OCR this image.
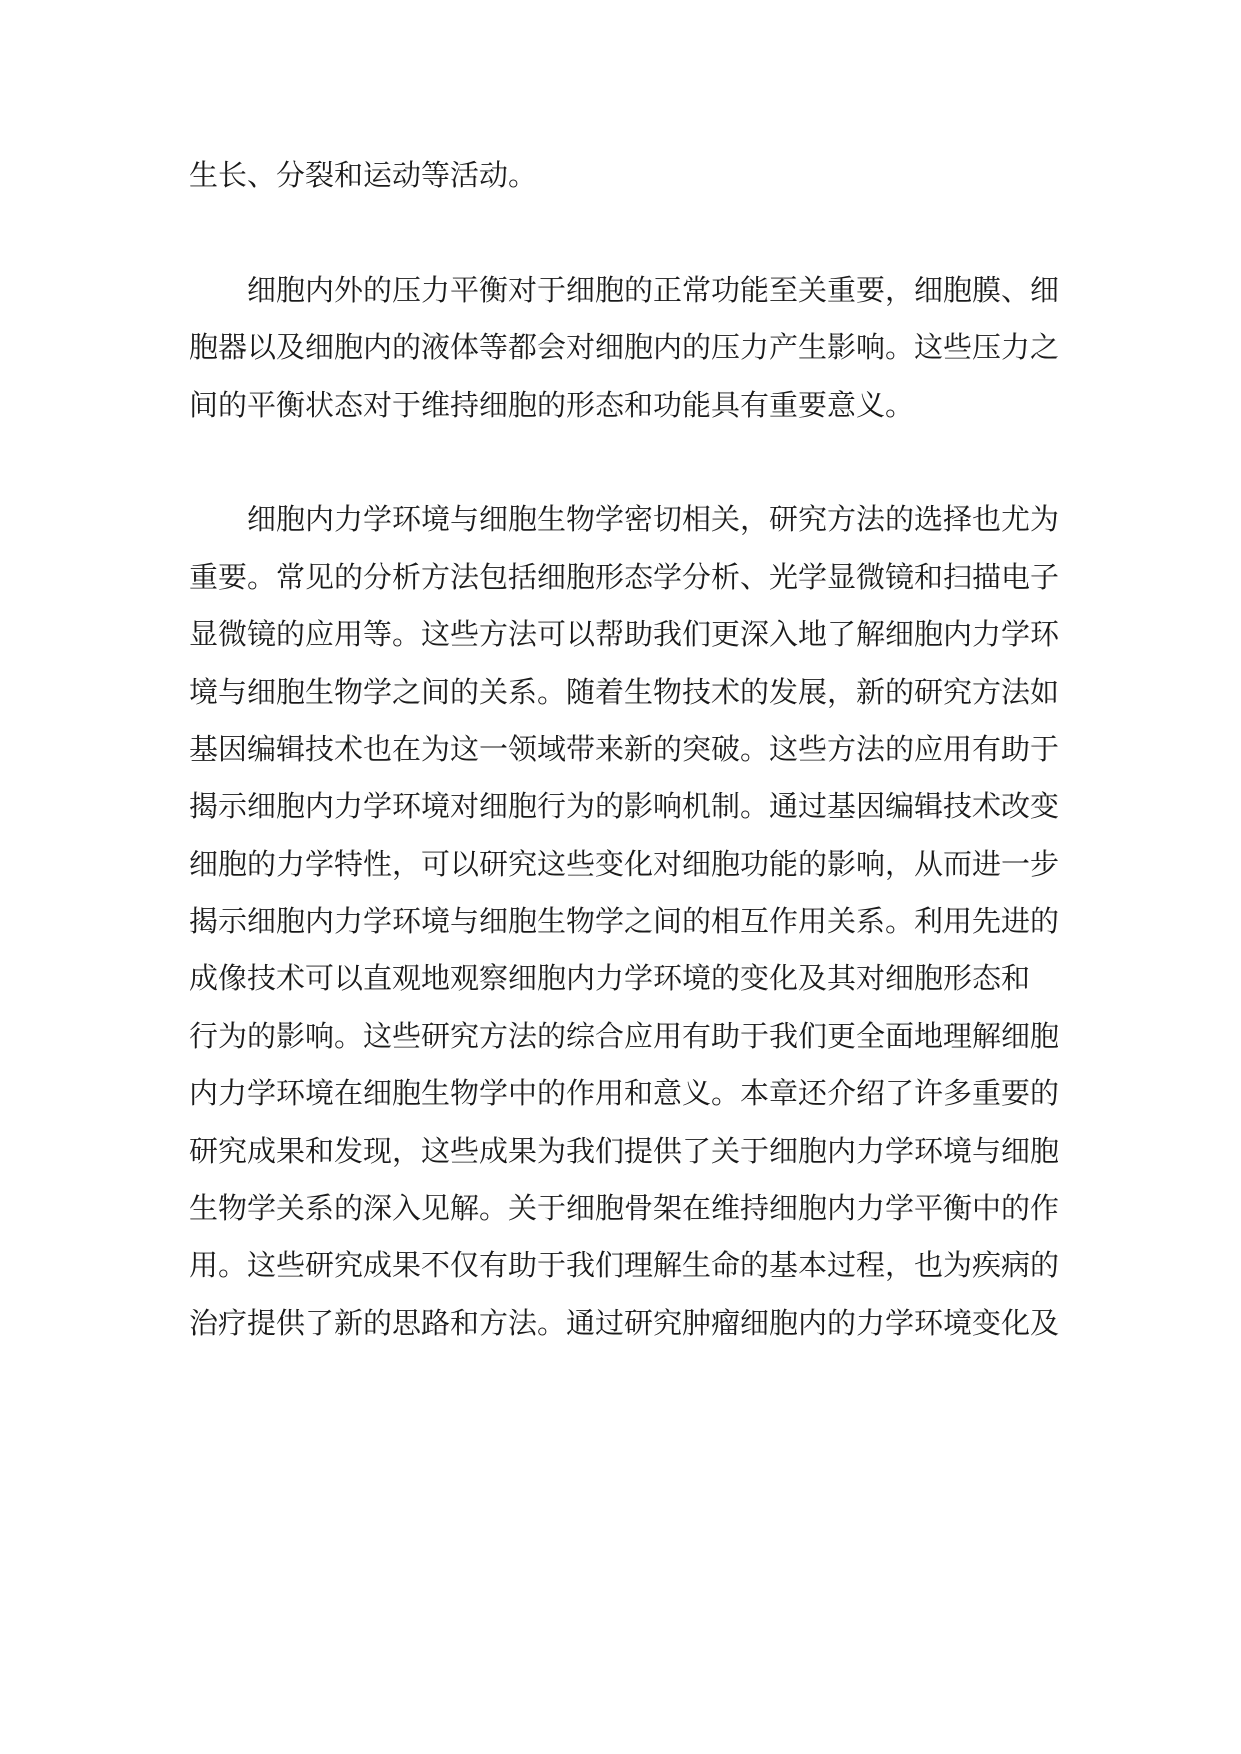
生长、分裂和运动等活动。
细胞内外的压力平衡对于细胞的正常功能至关重要，细胞膜、细
胞器以及细胞内的液体等都会对细胞内的压力产生影响。这些压力之
间的平衡状态对于维持细胞的形态和功能具有重要意义。
细胞内力学环境与细胞生物学密切相关，研究方法的选择也尤为
重要。常见的分析方法包括细胞形态学分析、光学显微镜和扫描电子
显微镜的应用等。这些方法可以帮助我们更深入地了解细胞内力学环
境与细胞生物学之间的关系。随着生物技术的发展，新的研究方法如
基因编辑技术也在为这一领域带来新的突破。这些方法的应用有助于
揭示细胞内力学环境对细胞行为的影响机制。通过基因编辑技术改变
细胞的力学特性，可以研究这些变化对细胞功能的影响，从而进一步
揭示细胞内力学环境与细胞生物学之间的相互作用关系。利用先进的
成像技术可以直观地观察细胞内力学环境的变化及其对细胞形态和
行为的影响。这些研究方法的综合应用有助于我们更全面地理解细胞
内力学环境在细胞生物学中的作用和意义。本章还介绍了许多重要的
研究成果和发现，这些成果为我们提供了关于细胞内力学环境与细胞
生物学关系的深入见解。关于细胞骨架在维持细胞内力学平衡中的作
用。这些研究成果不仅有助于我们理解生命的基本过程，也为疾病的
治疗提供了新的思路和方法。通过研究肿瘤细胞内的力学环境变化及
